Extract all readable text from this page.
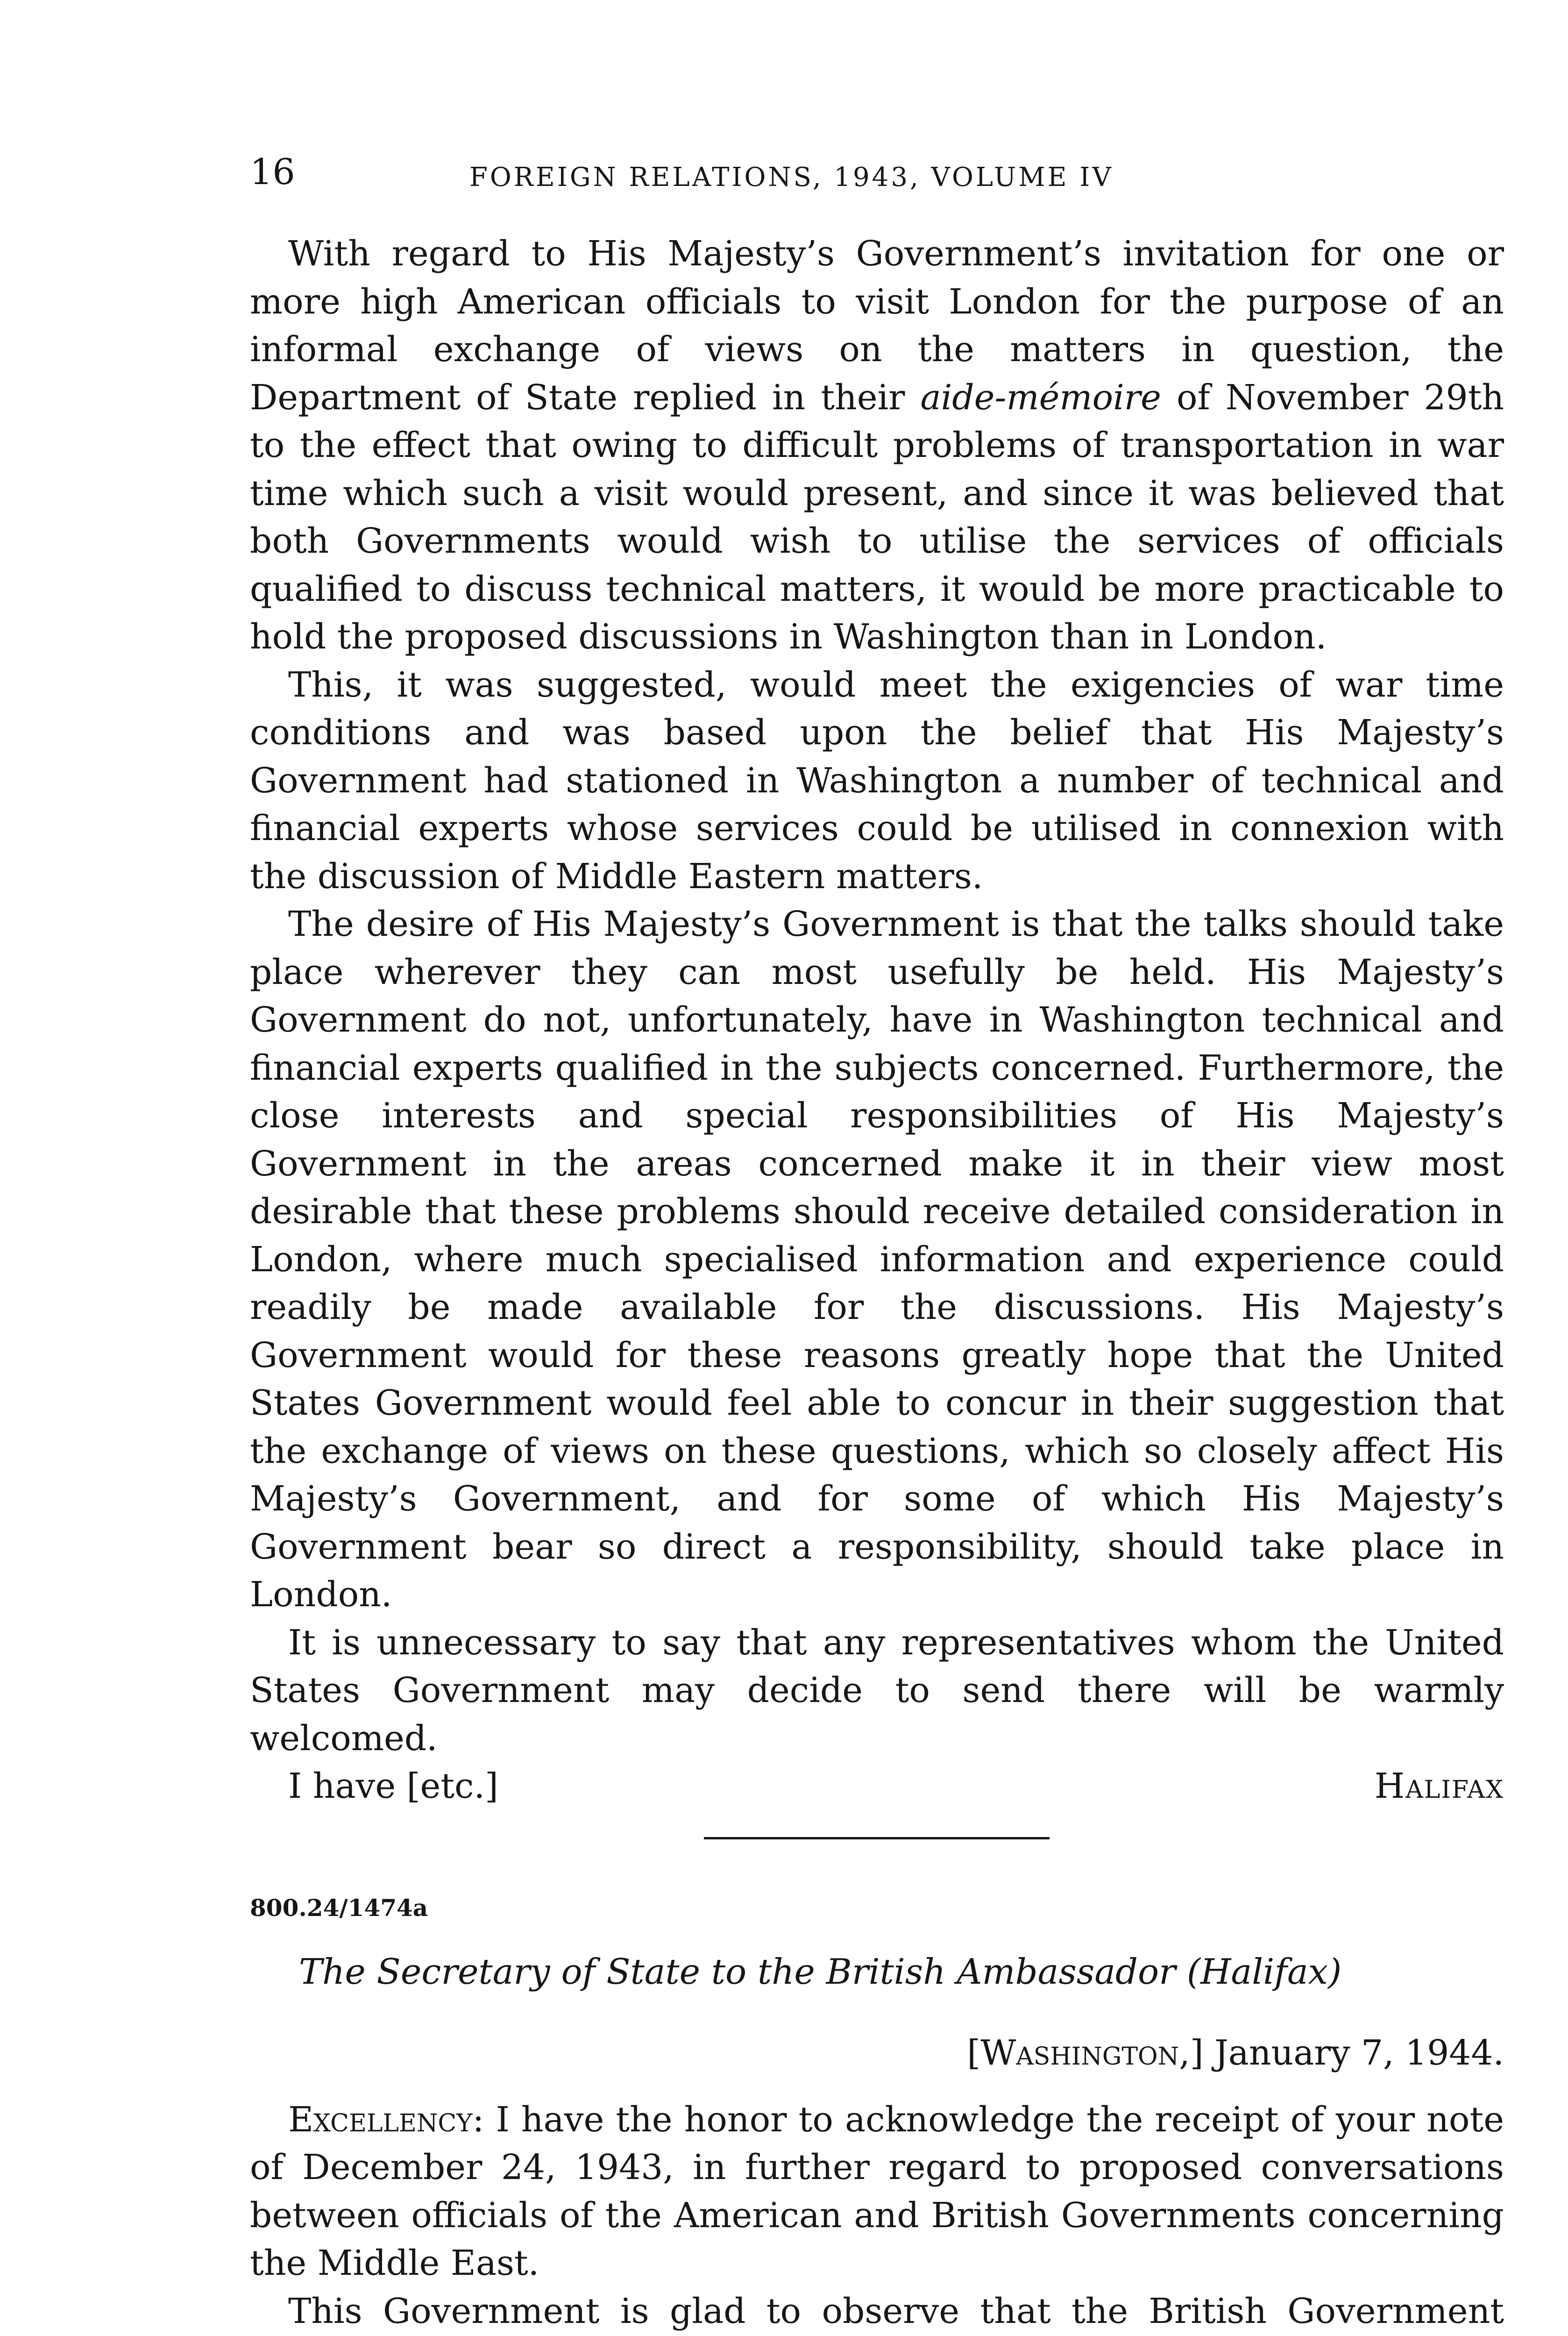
16	FOREIGN RELATIONS, 1943, VOLUME IV

With regard to His Majesty’s Government’s invitation for one or more high American officials to visit London for the purpose of an informal exchange of views on the matters in question, the Department of State replied in their aide-mémoire of November 29th to the effect that owing to difficult problems of transportation in war time which such a visit would present, and since it was believed that both Governments would wish to utilise the services of officials qualified to discuss technical matters, it would be more practicable to hold the proposed discussions in Washington than in London.

This, it was suggested, would meet the exigencies of war time conditions and was based upon the belief that His Majesty’s Government had stationed in Washington a number of technical and financial experts whose services could be utilised in connexion with the discussion of Middle Eastern matters.

The desire of His Majesty’s Government is that the talks should take place wherever they can most usefully be held. His Majesty’s Government do not, unfortunately, have in Washington technical and financial experts qualified in the subjects concerned. Furthermore, the close interests and special responsibilities of His Majesty’s Government in the areas concerned make it in their view most desirable that these problems should receive detailed consideration in London, where much specialised information and experience could readily be made available for the discussions. His Majesty’s Government would for these reasons greatly hope that the United States Government would feel able to concur in their suggestion that the exchange of views on these questions, which so closely affect His Majesty’s Government, and for some of which His Majesty’s Government bear so direct a responsibility, should take place in London.

It is unnecessary to say that any representatives whom the United States Government may decide to send there will be warmly welcomed.

I have [etc.]	Halifax
800.24/1474a
The Secretary of State to the British Ambassador (Halifax)
[Washington,] January 7, 1944.

Excellency: I have the honor to acknowledge the receipt of your note of December 24, 1943, in further regard to proposed conversations between officials of the American and British Governments concerning the Middle East.

This Government is glad to observe that the British Government
